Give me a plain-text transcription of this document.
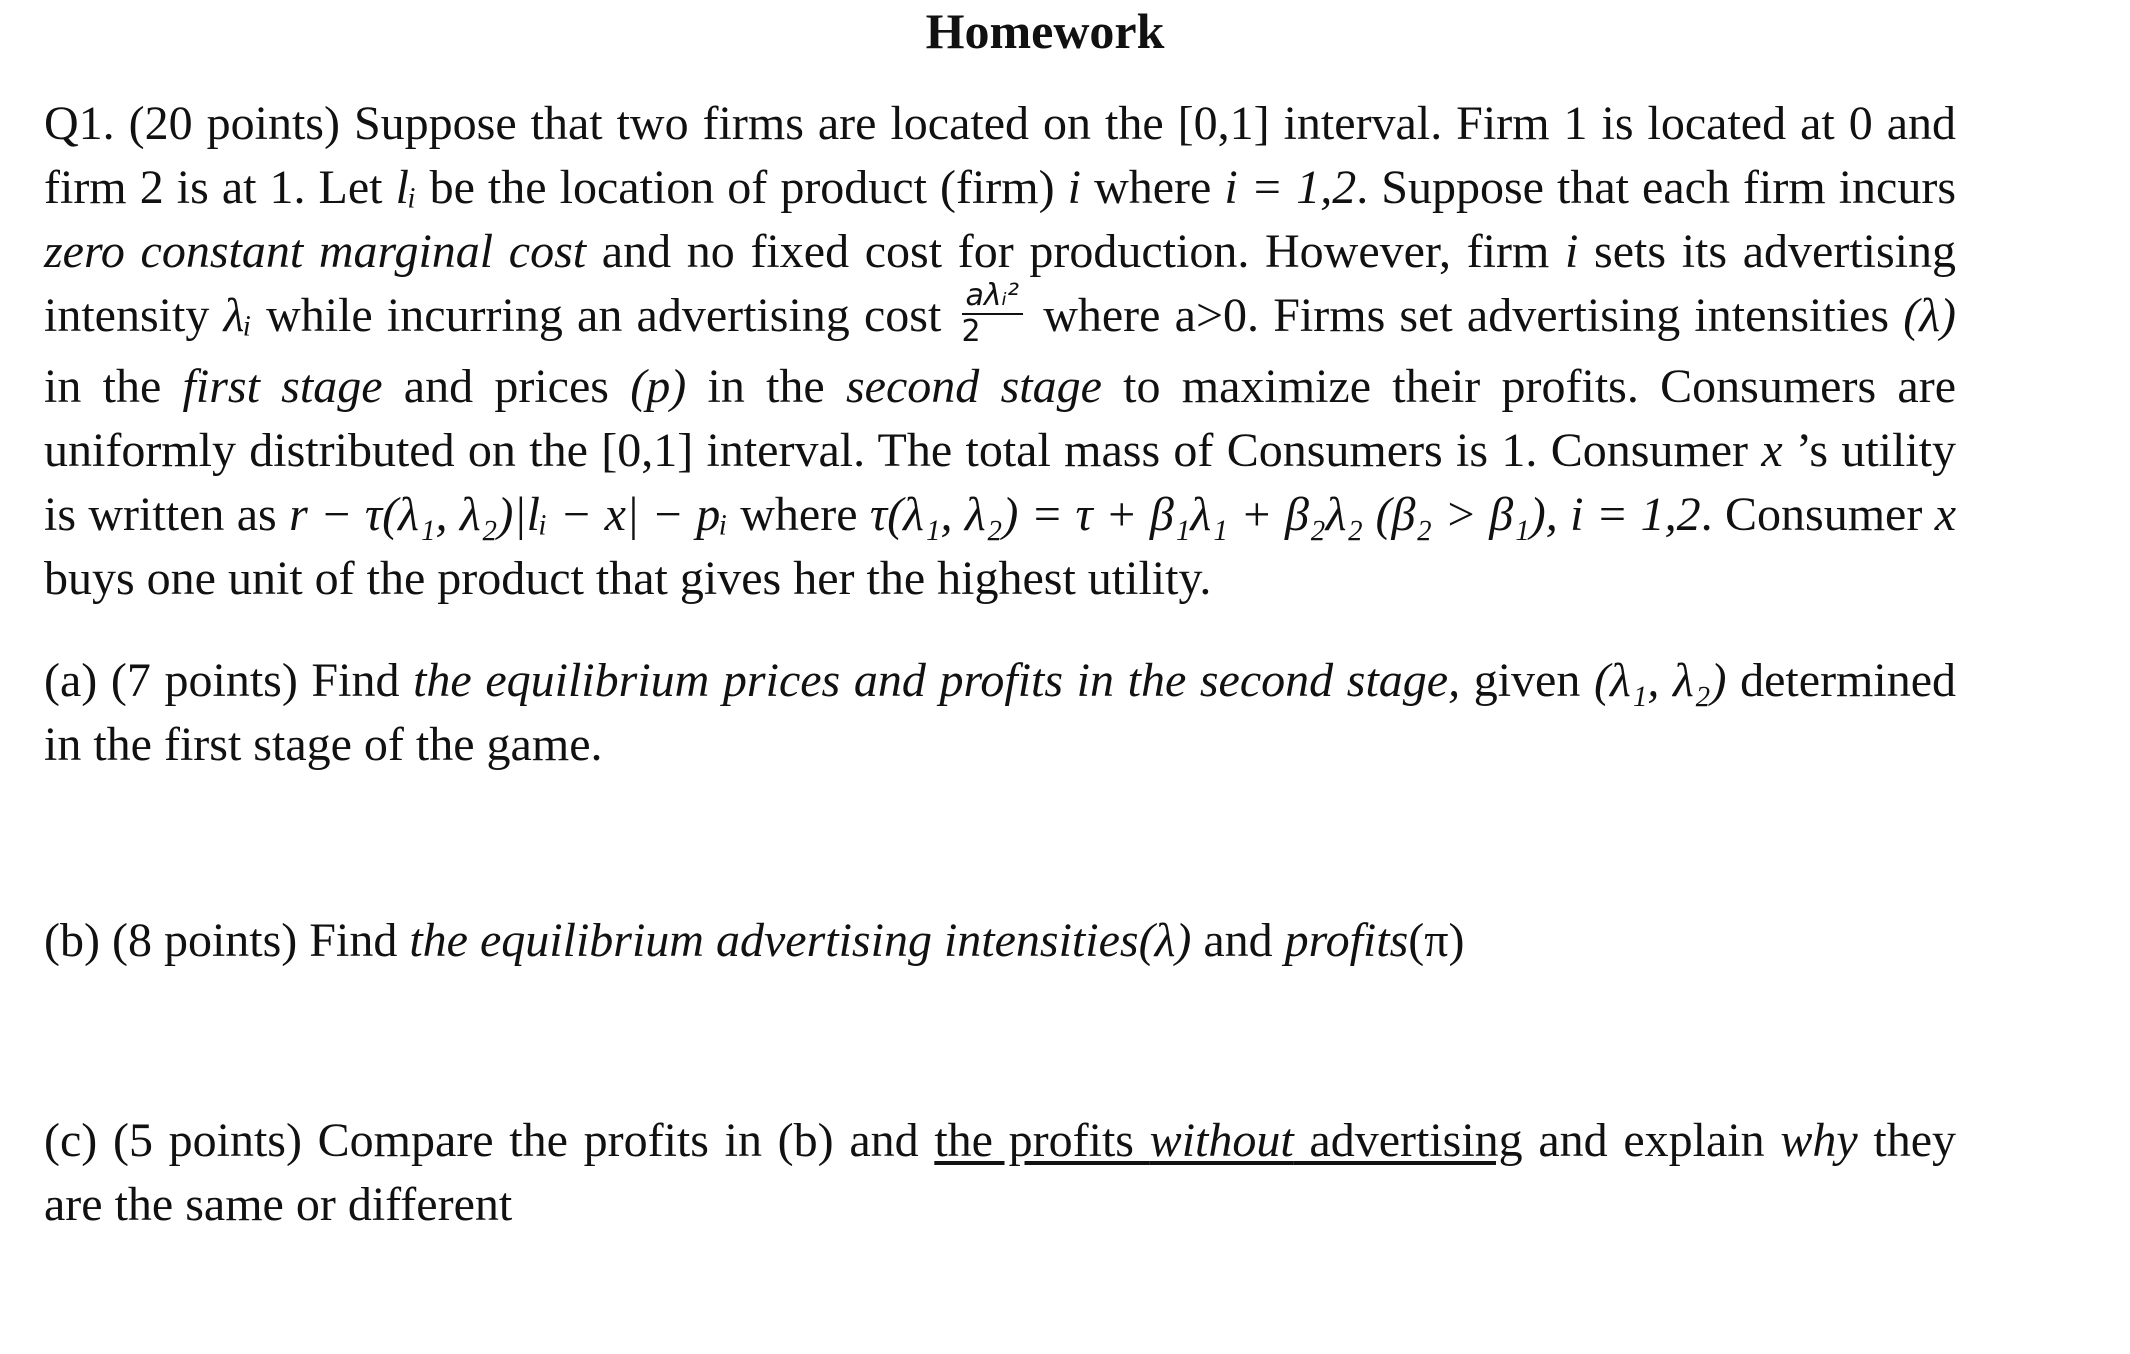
Homework

Q1. (20 points) Suppose that two firms are located on the [0,1] interval. Firm 1 is located at 0 and firm 2 is at 1. Let lᵢ be the location of product (firm) i where i = 1,2. Suppose that each firm incurs zero constant marginal cost and no fixed cost for production. However, firm i sets its advertising intensity λᵢ while incurring an advertising cost $\frac{\text{aλᵢ²}}{2}$ where a>0. Firms set advertising intensities (λ) in the first stage and prices (p) in the second stage to maximize their profits. Consumers are uniformly distributed on the [0,1] interval. The total mass of Consumers is 1. Consumer x ’s utility is written as r − τ(λ₁, λ₂)|lᵢ − x| − pᵢ where τ(λ₁, λ₂) = τ + β₁λ₁ + β₂λ₂ (β₂ > β₁), i = 1,2. Consumer x buys one unit of the product that gives her the highest utility.

(a) (7 points) Find the equilibrium prices and profits in the second stage, given (λ₁, λ₂) determined in the first stage of the game.

(b) (8 points) Find the equilibrium advertising intensities(λ) and profits(π)

(c) (5 points) Compare the profits in (b) and the profits without advertising and explain why they are the same or different
